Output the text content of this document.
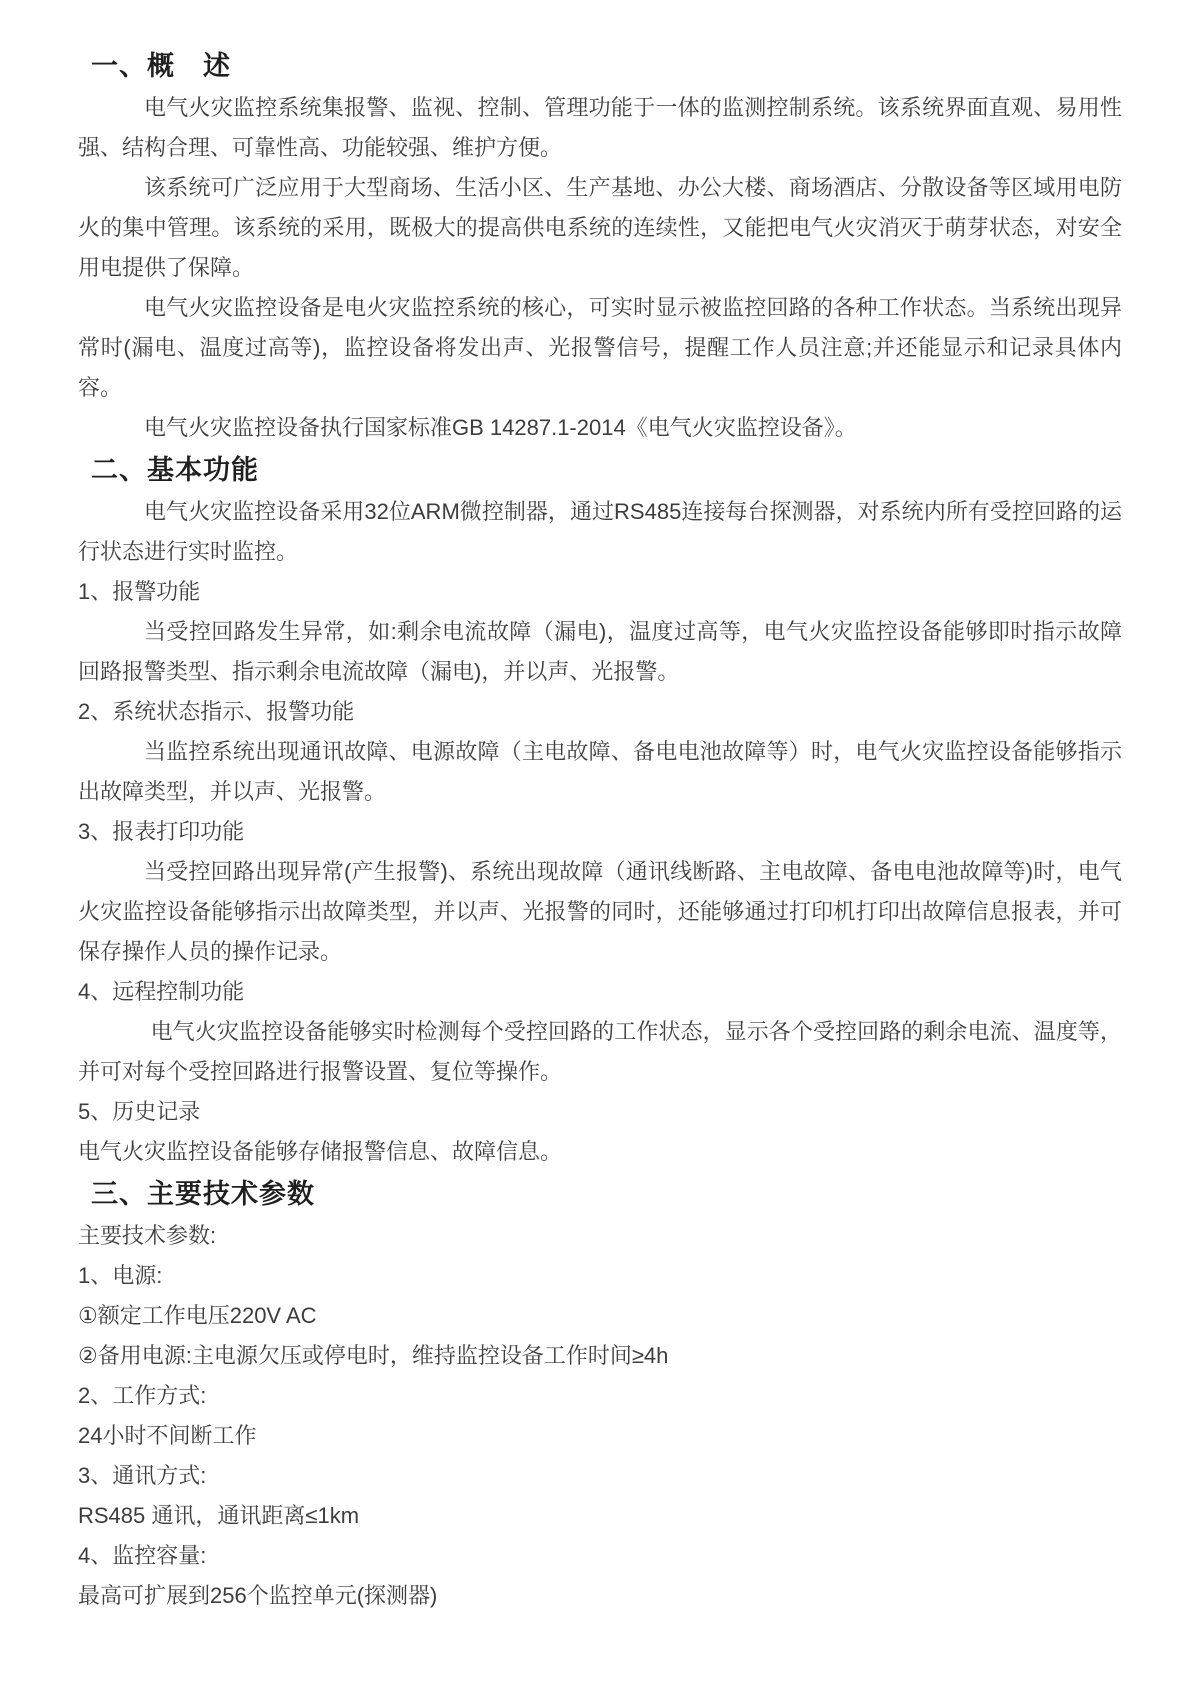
一、概　述

电气火灾监控系统集报警、监视、控制、管理功能于一体的监测控制系统。该系统界面直观、易用性强、结构合理、可靠性高、功能较强、维护方便。

该系统可广泛应用于大型商场、生活小区、生产基地、办公大楼、商场酒店、分散设备等区域用电防火的集中管理。该系统的采用，既极大的提高供电系统的连续性，又能把电气火灾消灭于萌芽状态，对安全用电提供了保障。

电气火灾监控设备是电火灾监控系统的核心，可实时显示被监控回路的各种工作状态。当系统出现异常时(漏电、温度过高等)，监控设备将发出声、光报警信号，提醒工作人员注意;并还能显示和记录具体内容。

电气火灾监控设备执行国家标准GB 14287.1-2014《电气火灾监控设备》。

二、基本功能

电气火灾监控设备采用32位ARM微控制器，通过RS485连接每台探测器，对系统内所有受控回路的运行状态进行实时监控。

1、报警功能

当受控回路发生异常，如:剩余电流故障（漏电)，温度过高等，电气火灾监控设备能够即时指示故障回路报警类型、指示剩余电流故障（漏电)，并以声、光报警。

2、系统状态指示、报警功能

当监控系统出现通讯故障、电源故障（主电故障、备电电池故障等）时，电气火灾监控设备能够指示出故障类型，并以声、光报警。

3、报表打印功能

当受控回路出现异常(产生报警)、系统出现故障（通讯线断路、主电故障、备电电池故障等)时，电气火灾监控设备能够指示出故障类型，并以声、光报警的同时，还能够通过打印机打印出故障信息报表，并可保存操作人员的操作记录。

4、远程控制功能

电气火灾监控设备能够实时检测每个受控回路的工作状态，显示各个受控回路的剩余电流、温度等，并可对每个受控回路进行报警设置、复位等操作。

5、历史记录

电气火灾监控设备能够存储报警信息、故障信息。

三、主要技术参数

主要技术参数:

1、电源:

①额定工作电压220V AC

②备用电源:主电源欠压或停电时，维持监控设备工作时间≥4h

2、工作方式:

24小时不间断工作

3、通讯方式:

RS485 通讯，通讯距离≤1km

4、监控容量:

最高可扩展到256个监控单元(探测器)
